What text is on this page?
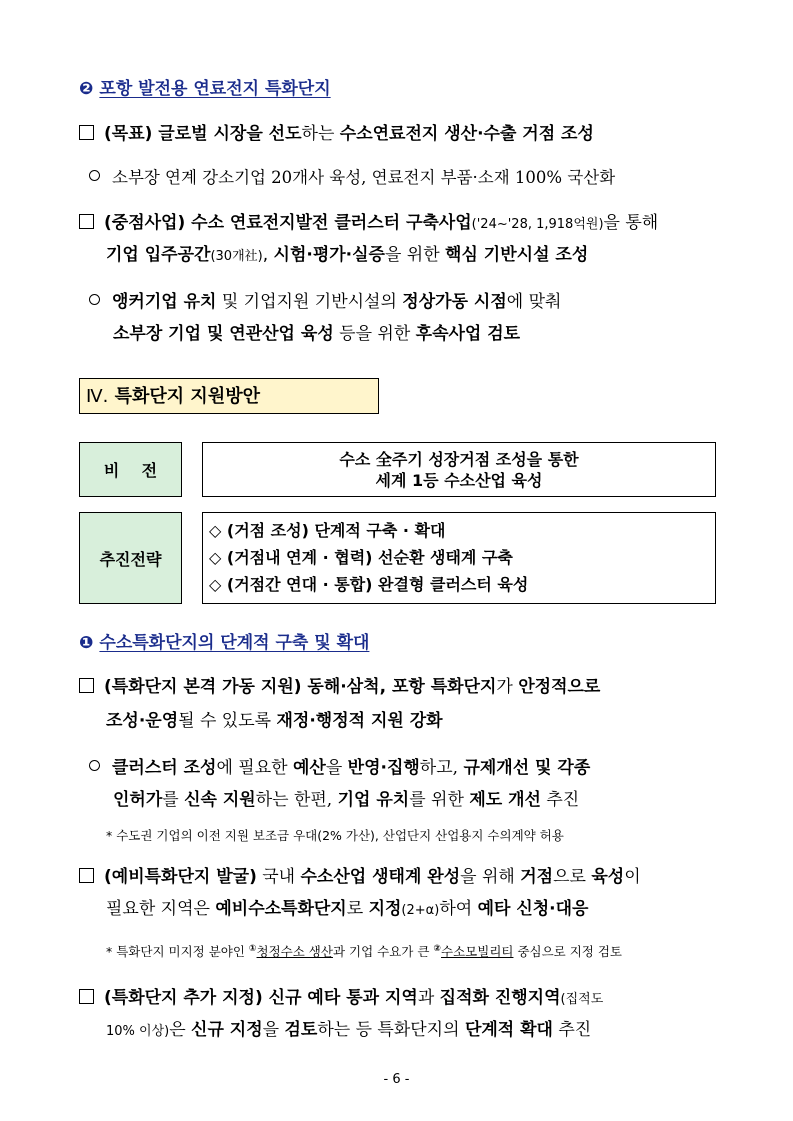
❷ 포항 발전용 연료전지 특화단지
(목표) 글로벌 시장을 선도하는 수소연료전지 생산·수출 거점 조성
소부장 연계 강소기업 20개사 육성, 연료전지 부품·소재 100% 국산화
(중점사업) 수소 연료전지발전 클러스터 구축사업('24~'28, 1,918억원)을 통해
기업 입주공간(30개社), 시험·평가·실증을 위한 핵심 기반시설 조성
앵커기업 유치 및 기업지원 기반시설의 정상가동 시점에 맞춰
소부장 기업 및 연관산업 육성 등을 위한 후속사업 검토
Ⅳ. 특화단지 지원방안
비    전
수소 全주기 성장거점 조성을 통한
세계 1등 수소산업 육성
추진전략
◇ (거점 조성) 단계적 구축 · 확대
◇ (거점내 연계 · 협력) 선순환 생태계 구축
◇ (거점간 연대 · 통합) 완결형 클러스터 육성
❶ 수소특화단지의 단계적 구축 및 확대
(특화단지 본격 가동 지원) 동해·삼척, 포항 특화단지가 안정적으로
조성·운영될 수 있도록 재정·행정적 지원 강화
클러스터 조성에 필요한 예산을 반영·집행하고, 규제개선 및 각종
인허가를 신속 지원하는 한편, 기업 유치를 위한 제도 개선 추진
* 수도권 기업의 이전 지원 보조금 우대(2% 가산), 산업단지 산업용지 수의계약 허용
(예비특화단지 발굴) 국내 수소산업 생태계 완성을 위해 거점으로 육성이
필요한 지역은 예비수소특화단지로 지정(2+α)하여 예타 신청·대응
* 특화단지 미지정 분야인 ①청정수소 생산과 기업 수요가 큰 ②수소모빌리티 중심으로 지정 검토
(특화단지 추가 지정) 신규 예타 통과 지역과 집적화 진행지역(집적도
10% 이상)은 신규 지정을 검토하는 등 특화단지의 단계적 확대 추진
- 6 -
